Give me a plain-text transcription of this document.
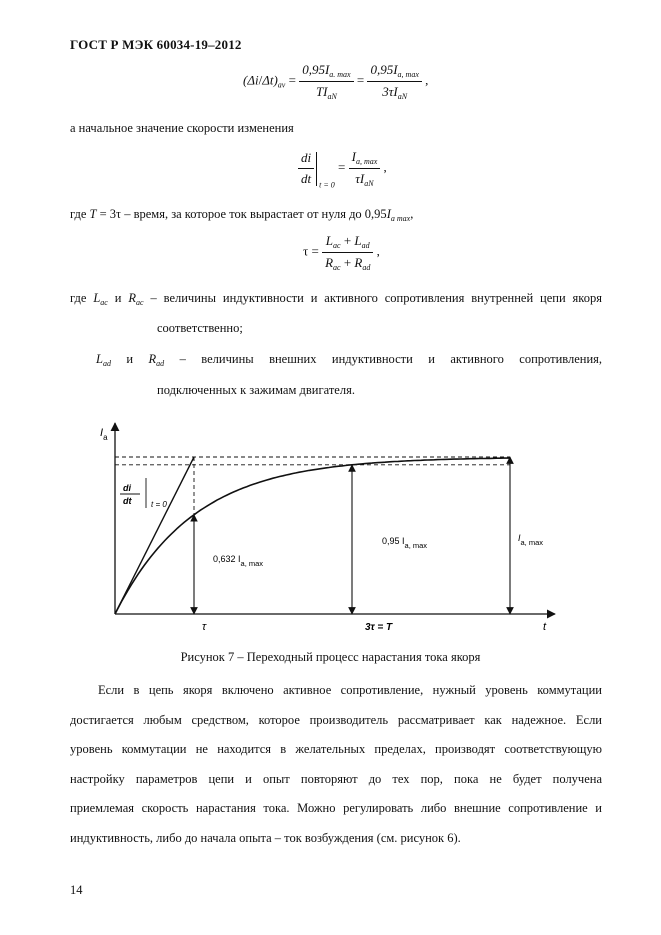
ГОСТ Р МЭК 60034-19–2012
$(\Delta i/\Delta t)_{av} = \frac{0,95I_{a. max}}{TI_{aN}} = \frac{0,95I_{a, max}}{3\tau I_{aN}}$ ,
а начальное значение скорости изменения
$\frac{di}{dt} _{t = 0} = \frac{I_{a, max}}{\tau I_{aN}}$ ,
где T = 3τ – время, за которое ток вырастает от нуля до $0,95I_{a max}$,
$\tau = \frac{L_{ac} + L_{ad}}{R_{ac} + R_{ad}}$ ,
где $L_{ac}$ и $R_{ac}$ – величины индуктивности и активного сопротивления внутренней цепи якоря
соответственно;
$L_{ad}$ и $R_{ad}$ – величины внешних индуктивности и активного сопротивления,
подключенных к зажимам двигателя.
$I_a$
t
di
dt t = 0
0,632 $I_{a, max}$
0,95 $I_{a, max}$
$I_{a, max}$
τ	3τ = T
Рисунок 7 – Переходный процесс нарастания тока якоря
Если в цепь якоря включено активное сопротивление, нужный уровень коммутации
достигается любым средством, которое производитель рассматривает как надежное. Если
уровень коммутации не находится в желательных пределах, производят соответствующую
настройку параметров цепи и опыт повторяют до тех пор, пока не будет получена
приемлемая скорость нарастания тока. Можно регулировать либо внешние сопротивление и
индуктивность, либо до начала опыта – ток возбуждения (см. рисунок 6).
14
